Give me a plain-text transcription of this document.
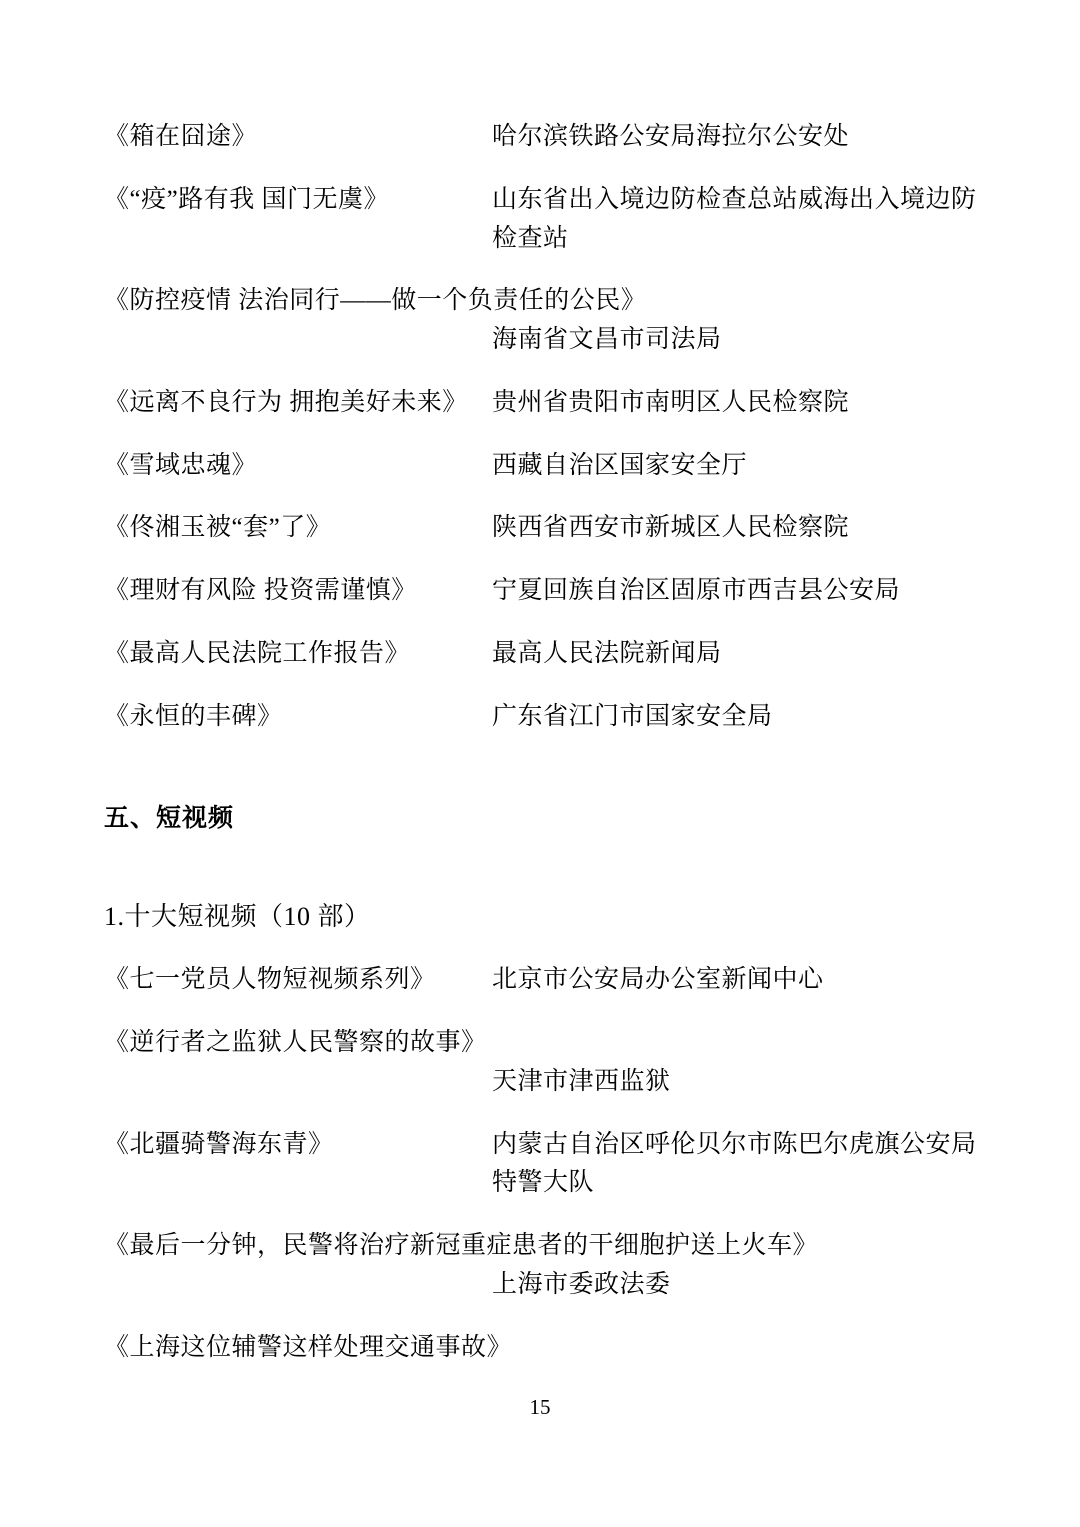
《箱在囧途》	哈尔滨铁路公安局海拉尔公安处
《“疫”路有我 国门无虞》	山东省出入境边防检查总站威海出入境边防检查站
《防控疫情 法治同行——做一个负责任的公民》
海南省文昌市司法局
《远离不良行为 拥抱美好未来》 贵州省贵阳市南明区人民检察院
《雪域忠魂》	西藏自治区国家安全厅
《佟湘玉被“套”了》	陕西省西安市新城区人民检察院
《理财有风险 投资需谨慎》	宁夏回族自治区固原市西吉县公安局
《最高人民法院工作报告》	最高人民法院新闻局
《永恒的丰碑》	广东省江门市国家安全局
五、短视频
1.十大短视频（10 部）
《七一党员人物短视频系列》	北京市公安局办公室新闻中心
《逆行者之监狱人民警察的故事》
天津市津西监狱
《北疆骑警海东青》	内蒙古自治区呼伦贝尔市陈巴尔虎旗公安局特警大队
《最后一分钟，民警将治疗新冠重症患者的干细胞护送上火车》
上海市委政法委
《上海这位辅警这样处理交通事故》
15
